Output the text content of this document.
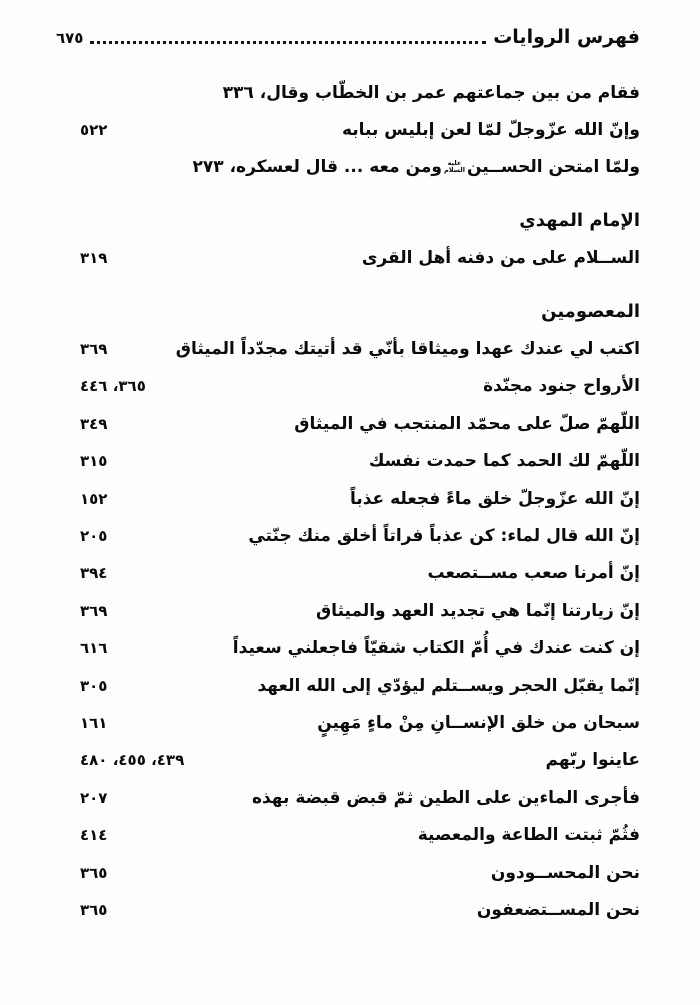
فهرس الروايات
٦٧٥
فقام من بين جماعتهم عمر بن الخطّاب وقال، ٣٣٦
وإنّ الله عزّوجلّ لمّا لعن إبليس ببابه
٥٢٢
ولمّا امتحن الحســينعليه السلامومن معه ... قال لعسكره، ٢٧٣
الإمام المهدي
الســلام على من دفنه أهل القرى
٣١٩
المعصومين
اكتب لي عندك عهدا وميثاقا بأنّي قد أتيتك مجدّداً الميثاق
٣٦٩
الأرواح جنود مجنّدة
٣٦٥، ٤٤٦
اللّهمّ صلّ على محمّد المنتجب في الميثاق
٣٤٩
اللّهمّ لك الحمد كما حمدت نفسك
٣١٥
إنّ الله عزّوجلّ خلق ماءً فجعله عذباً
١٥٢
إنّ الله قال لماء: كن عذباً فراتاً أخلق منك جنّتي
٢٠٥
إنّ أمرنا صعب مســتصعب
٣٩٤
إنّ زيارتنا إنّما هي تجديد العهد والميثاق
٣٦٩
إن كنت عندك في أُمّ الكتاب شقيّاً فاجعلني سعيداً
٦١٦
إنّما يقبّل الحجر ويســتلم ليؤدّي إلى الله العهد
٣٠٥
سبحان من خلق الإنســانِ مِنْ ماءٍ مَهِينٍ
١٦١
عاينوا ربّهم
٤٣٩، ٤٥٥، ٤٨٠
فأجرى الماءين على الطين ثمّ قبض قبضة بهذه
٢٠٧
فثُمّ ثبتت الطاعة والمعصية
٤١٤
نحن المحســودون
٣٦٥
نحن المســتضعفون
٣٦٥
